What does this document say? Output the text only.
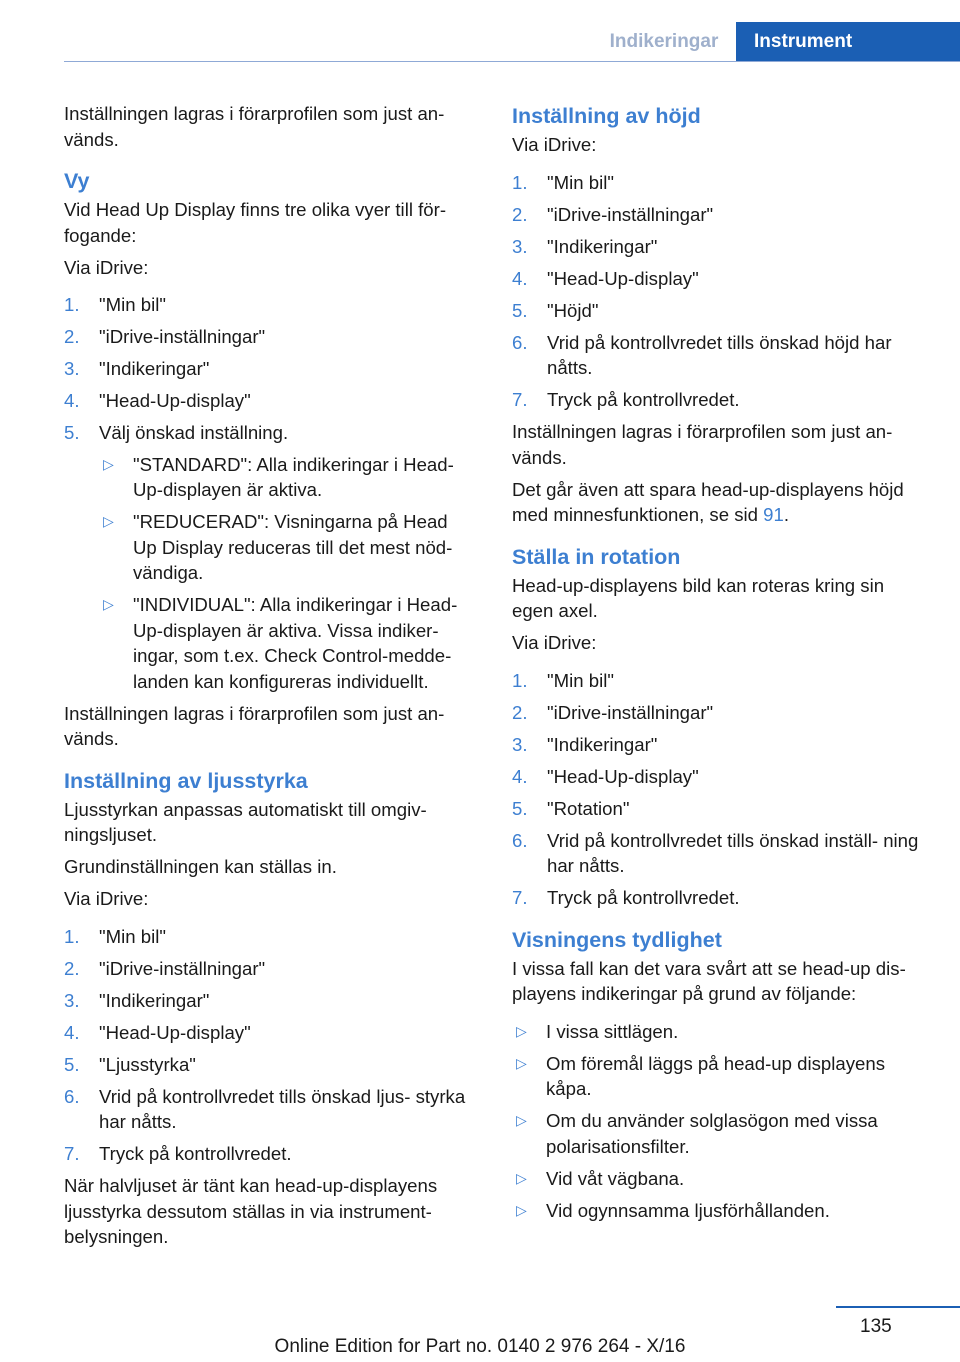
Indikeringar	Instrument

Inställningen lagras i förarprofilen som just an‐ vänds.

Vy

Vid Head Up Display finns tre olika vyer till för‐ fogande:

Via iDrive:

1. "Min bil"
2. "iDrive-inställningar"
3. "Indikeringar"
4. "Head-Up-display"
5. Välj önskad inställning.
▷ "STANDARD": Alla indikeringar i Head- Up-displayen är aktiva.
▷ "REDUCERAD": Visningarna på Head Up Display reduceras till det mest nöd‐ vändiga.
▷ "INDIVIDUAL": Alla indikeringar i Head- Up-displayen är aktiva. Vissa indiker‐ ingar, som t.ex. Check Control-medde‐ landen kan konfigureras individuellt.

Inställningen lagras i förarprofilen som just an‐ vänds.

Inställning av ljusstyrka

Ljusstyrkan anpassas automatiskt till omgiv‐ ningsljuset.

Grundinställningen kan ställas in.

Via iDrive:

1. "Min bil"
2. "iDrive-inställningar"
3. "Indikeringar"
4. "Head-Up-display"
5. "Ljusstyrka"
6. Vrid på kontrollvredet tills önskad ljus‐ styrka har nåtts.
7. Tryck på kontrollvredet.

När halvljuset är tänt kan head-up-displayens ljusstyrka dessutom ställas in via instrument‐ belysningen.

Inställning av höjd

Via iDrive:

1. "Min bil"
2. "iDrive-inställningar"
3. "Indikeringar"
4. "Head-Up-display"
5. "Höjd"
6. Vrid på kontrollvredet tills önskad höjd har nåtts.
7. Tryck på kontrollvredet.

Inställningen lagras i förarprofilen som just an‐ vänds.

Det går även att spara head-up-displayens höjd med minnesfunktionen, se sid 91.

Ställa in rotation

Head-up-displayens bild kan roteras kring sin egen axel.

Via iDrive:

1. "Min bil"
2. "iDrive-inställningar"
3. "Indikeringar"
4. "Head-Up-display"
5. "Rotation"
6. Vrid på kontrollvredet tills önskad inställ‐ ning har nåtts.
7. Tryck på kontrollvredet.
Visningens tydlighet

I vissa fall kan det vara svårt att se head-up dis‐ playens indikeringar på grund av följande:

▷ I vissa sittlägen.
▷ Om föremål läggs på head-up displayens kåpa.
▷ Om du använder solglasögon med vissa polarisationsfilter.
▷ Vid våt vägbana.
▷ Vid ogynnsamma ljusförhållanden.
135
Online Edition for Part no. 0140 2 976 264 - X/16
